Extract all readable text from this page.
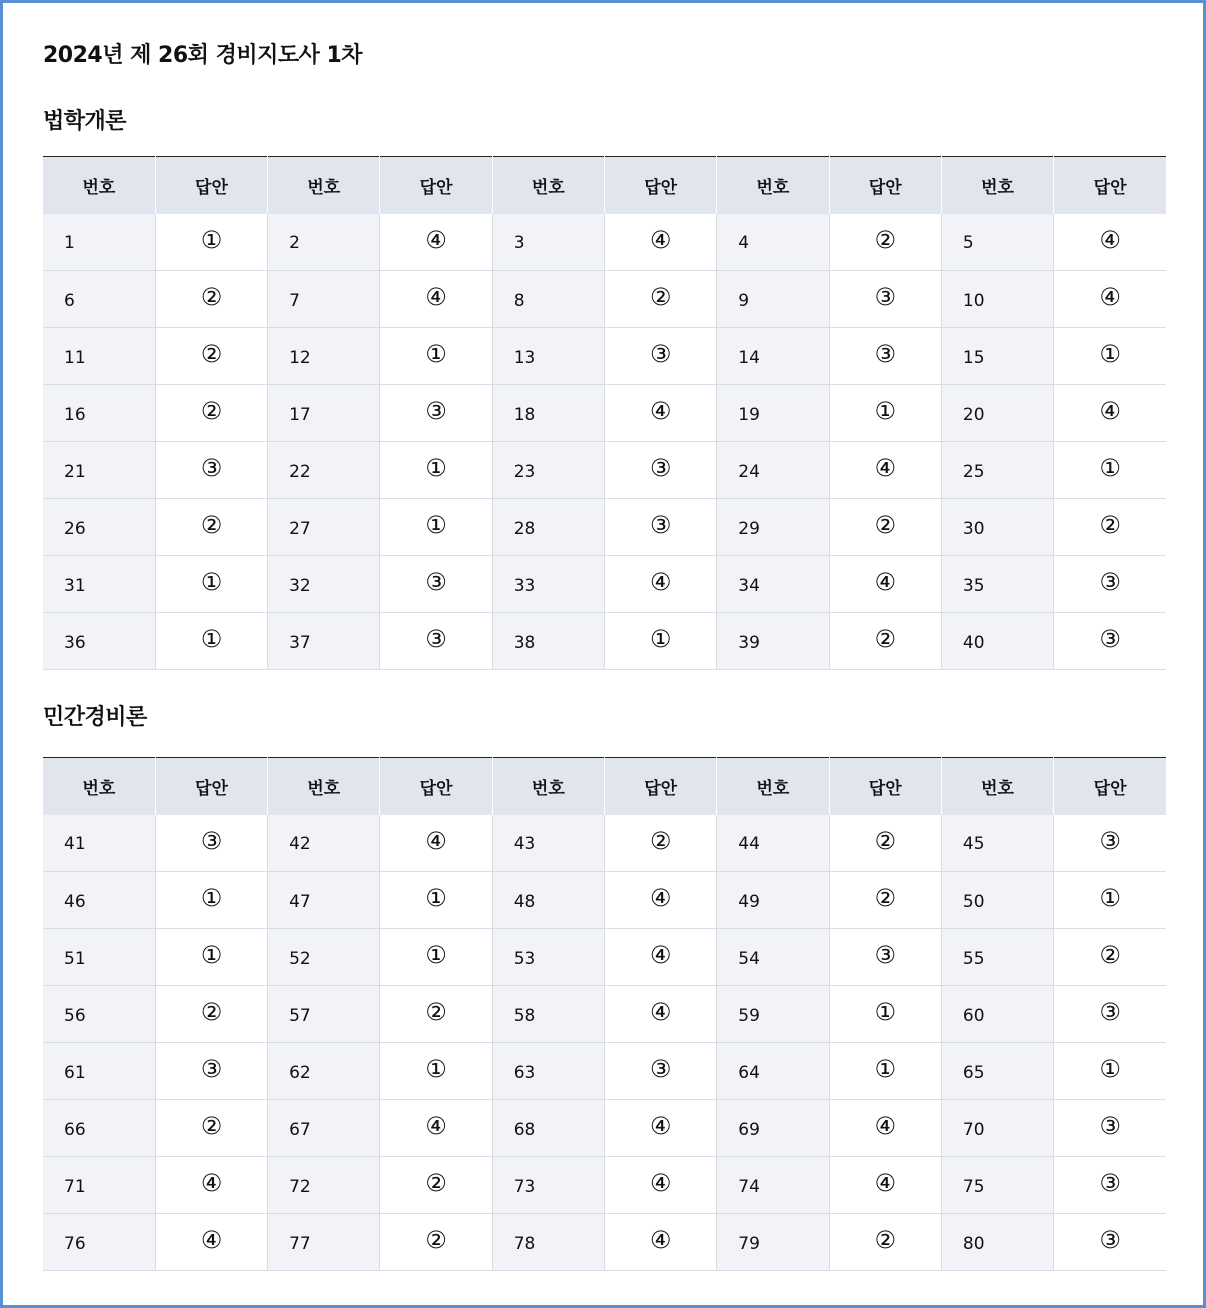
2024년 제 26회 경비지도사 1차
법학개론
번호	답안	번호	답안	번호	답안	번호	답안	번호	답안
1	①	2	④	3	④	4	②	5	④
6	②	7	④	8	②	9	③	10	④
11	②	12	①	13	③	14	③	15	①
16	②	17	③	18	④	19	①	20	④
21	③	22	①	23	③	24	④	25	①
26	②	27	①	28	③	29	②	30	②
31	①	32	③	33	④	34	④	35	③
36	①	37	③	38	①	39	②	40	③
민간경비론
번호	답안	번호	답안	번호	답안	번호	답안	번호	답안
41	③	42	④	43	②	44	②	45	③
46	①	47	①	48	④	49	②	50	①
51	①	52	①	53	④	54	③	55	②
56	②	57	②	58	④	59	①	60	③
61	③	62	①	63	③	64	①	65	①
66	②	67	④	68	④	69	④	70	③
71	④	72	②	73	④	74	④	75	③
76	④	77	②	78	④	79	②	80	③
